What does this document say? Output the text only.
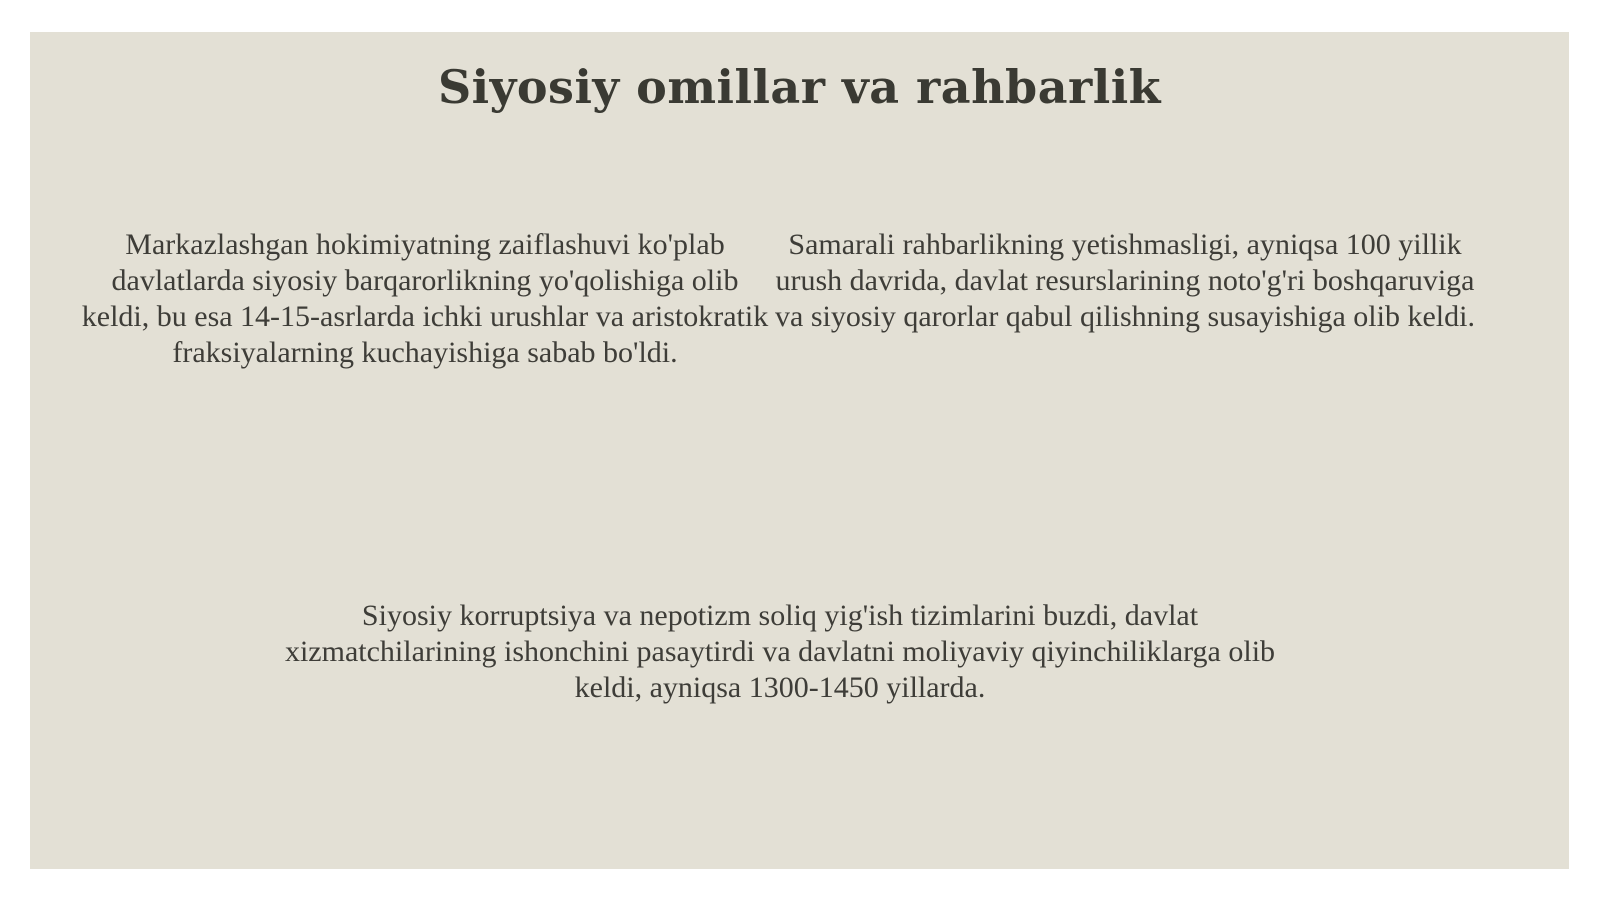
Siyosiy omillar va rahbarlik

Markazlashgan hokimiyatning zaiflashuvi ko'plab davlatlarda siyosiy barqarorlikning yo'qolishiga olib keldi, bu esa 14-15-asrlarda ichki urushlar va aristokratik fraksiyalarning kuchayishiga sabab bo'ldi.

Samarali rahbarlikning yetishmasligi, ayniqsa 100 yillik urush davrida, davlat resurslarining noto'g'ri boshqaruviga va siyosiy qarorlar qabul qilishning susayishiga olib keldi.

Siyosiy korruptsiya va nepotizm soliq yig'ish tizimlarini buzdi, davlat xizmatchilarining ishonchini pasaytirdi va davlatni moliyaviy qiyinchiliklarga olib keldi, ayniqsa 1300-1450 yillarda.
